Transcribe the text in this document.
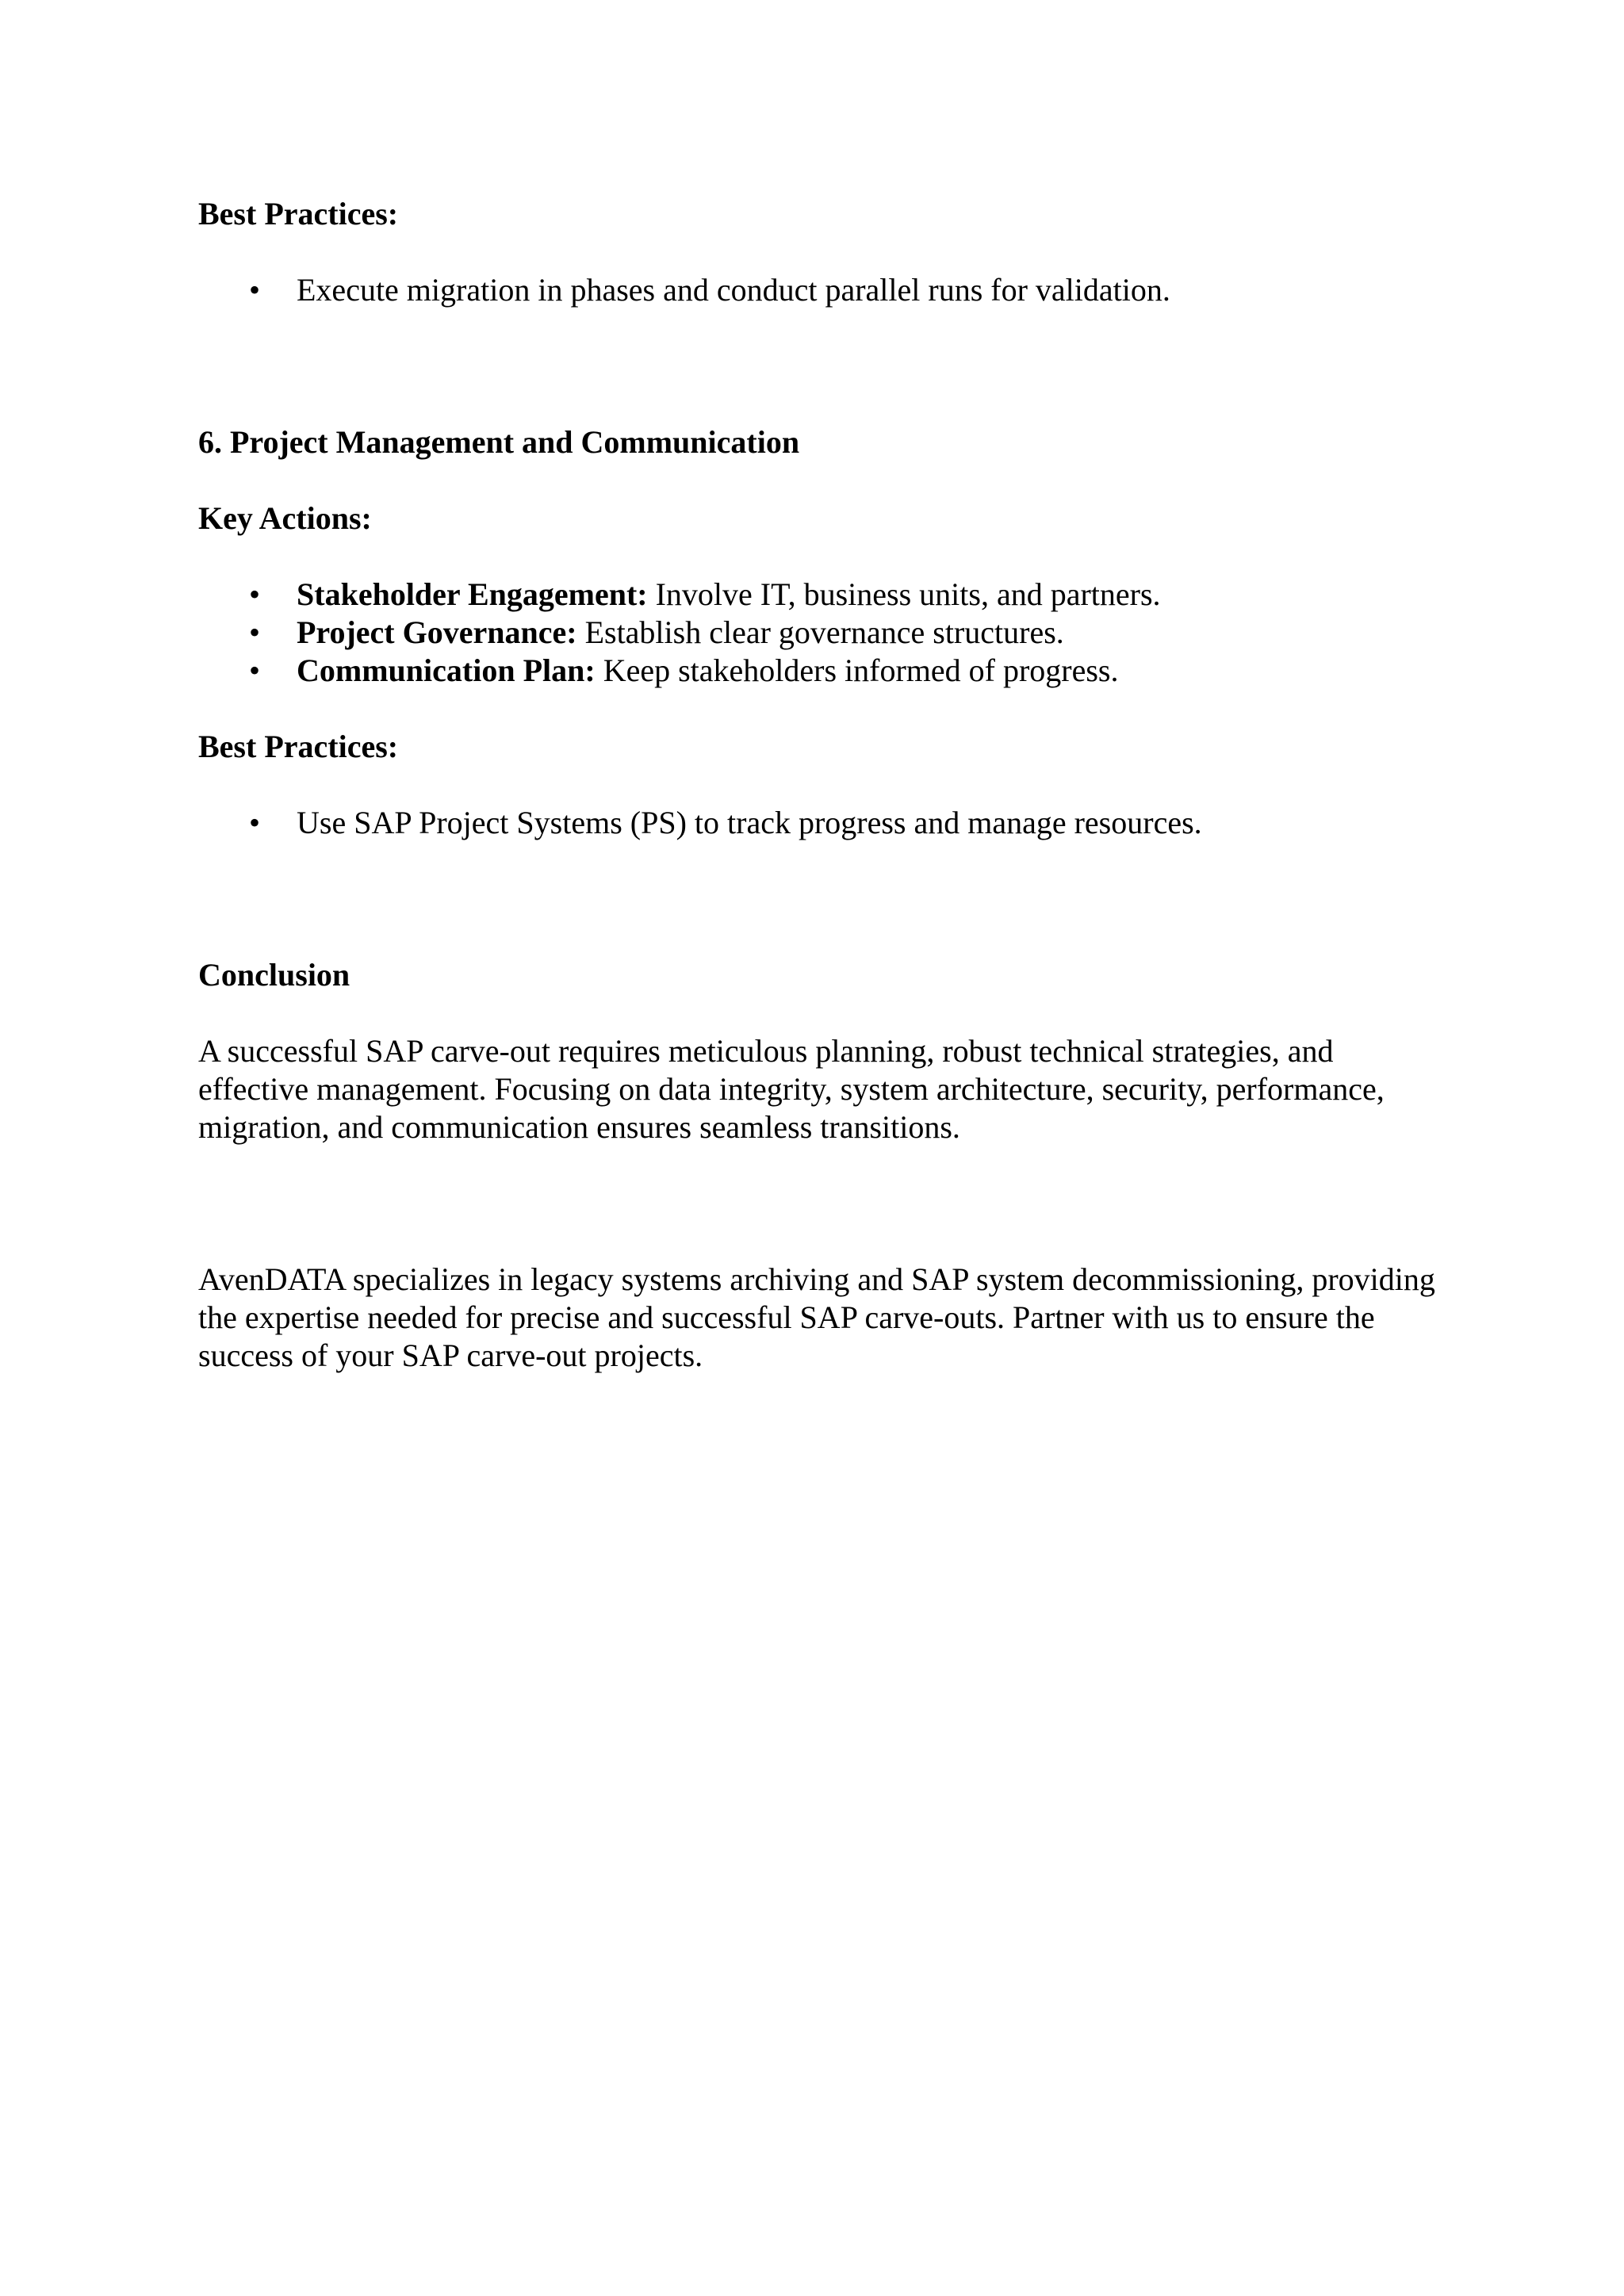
Best Practices:

• Execute migration in phases and conduct parallel runs for validation.

6. Project Management and Communication

Key Actions:

• Stakeholder Engagement: Involve IT, business units, and partners.
• Project Governance: Establish clear governance structures.
• Communication Plan: Keep stakeholders informed of progress.

Best Practices:

• Use SAP Project Systems (PS) to track progress and manage resources.

Conclusion

A successful SAP carve-out requires meticulous planning, robust technical strategies, and effective management. Focusing on data integrity, system architecture, security, performance, migration, and communication ensures seamless transitions.

AvenDATA specializes in legacy systems archiving and SAP system decommissioning, providing the expertise needed for precise and successful SAP carve-outs. Partner with us to ensure the success of your SAP carve-out projects.
